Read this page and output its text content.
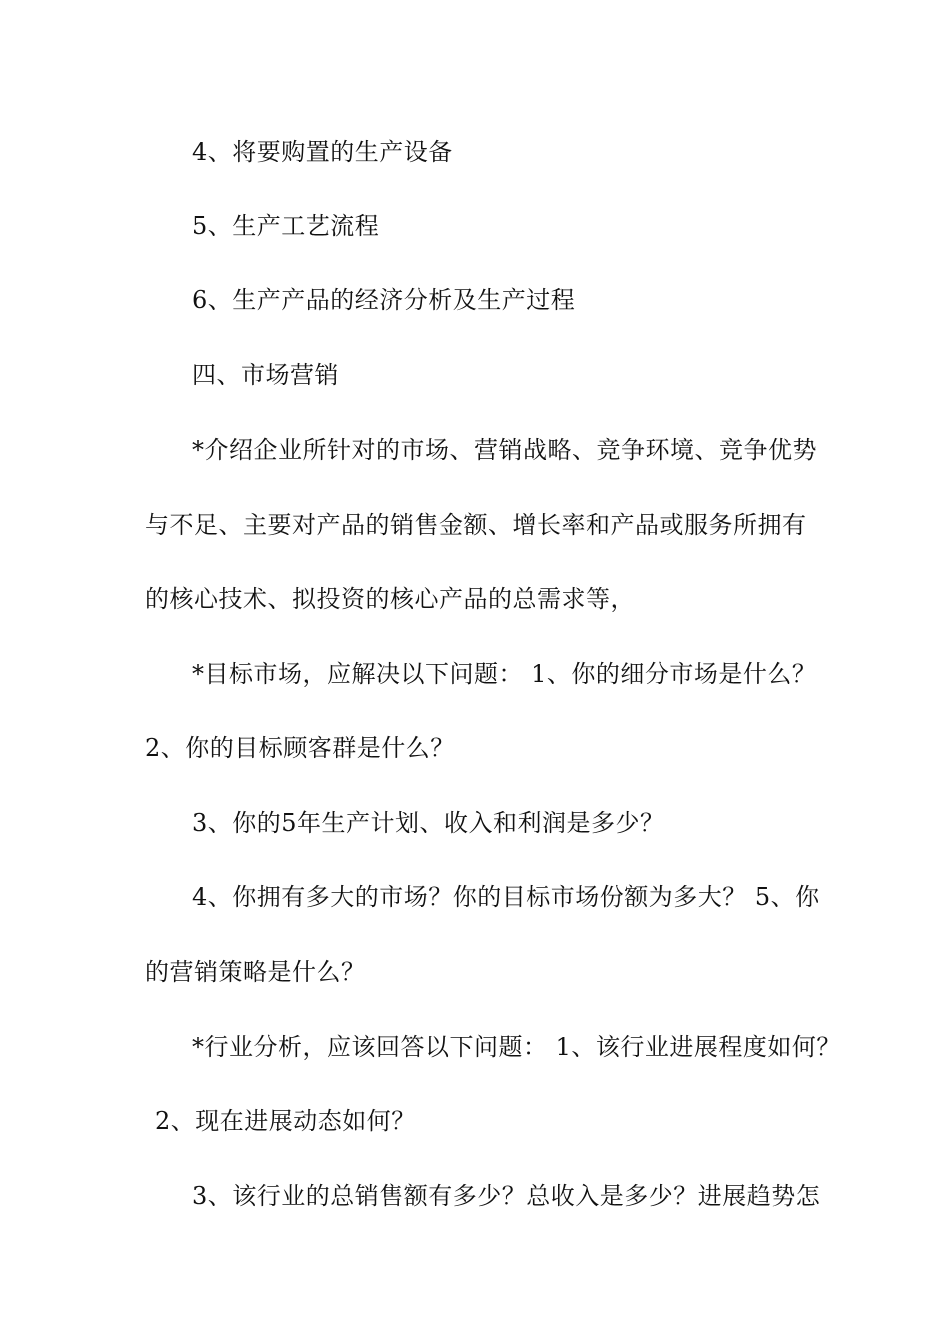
4、将要购置的生产设备
5、生产工艺流程
6、生产产品的经济分析及生产过程
四、市场营销
*介绍企业所针对的市场、营销战略、竞争环境、竞争优势
与不足、主要对产品的销售金额、增长率和产品或服务所拥有
的核心技术、拟投资的核心产品的总需求等，
*目标市场，应解决以下问题： 1、你的细分市场是什么？
2、你的目标顾客群是什么？
3、你的5年生产计划、收入和利润是多少？
4、你拥有多大的市场？你的目标市场份额为多大？ 5、你
的营销策略是什么？
*行业分析，应该回答以下问题： 1、该行业进展程度如何？
2、现在进展动态如何？
3、该行业的总销售额有多少？总收入是多少？进展趋势怎
